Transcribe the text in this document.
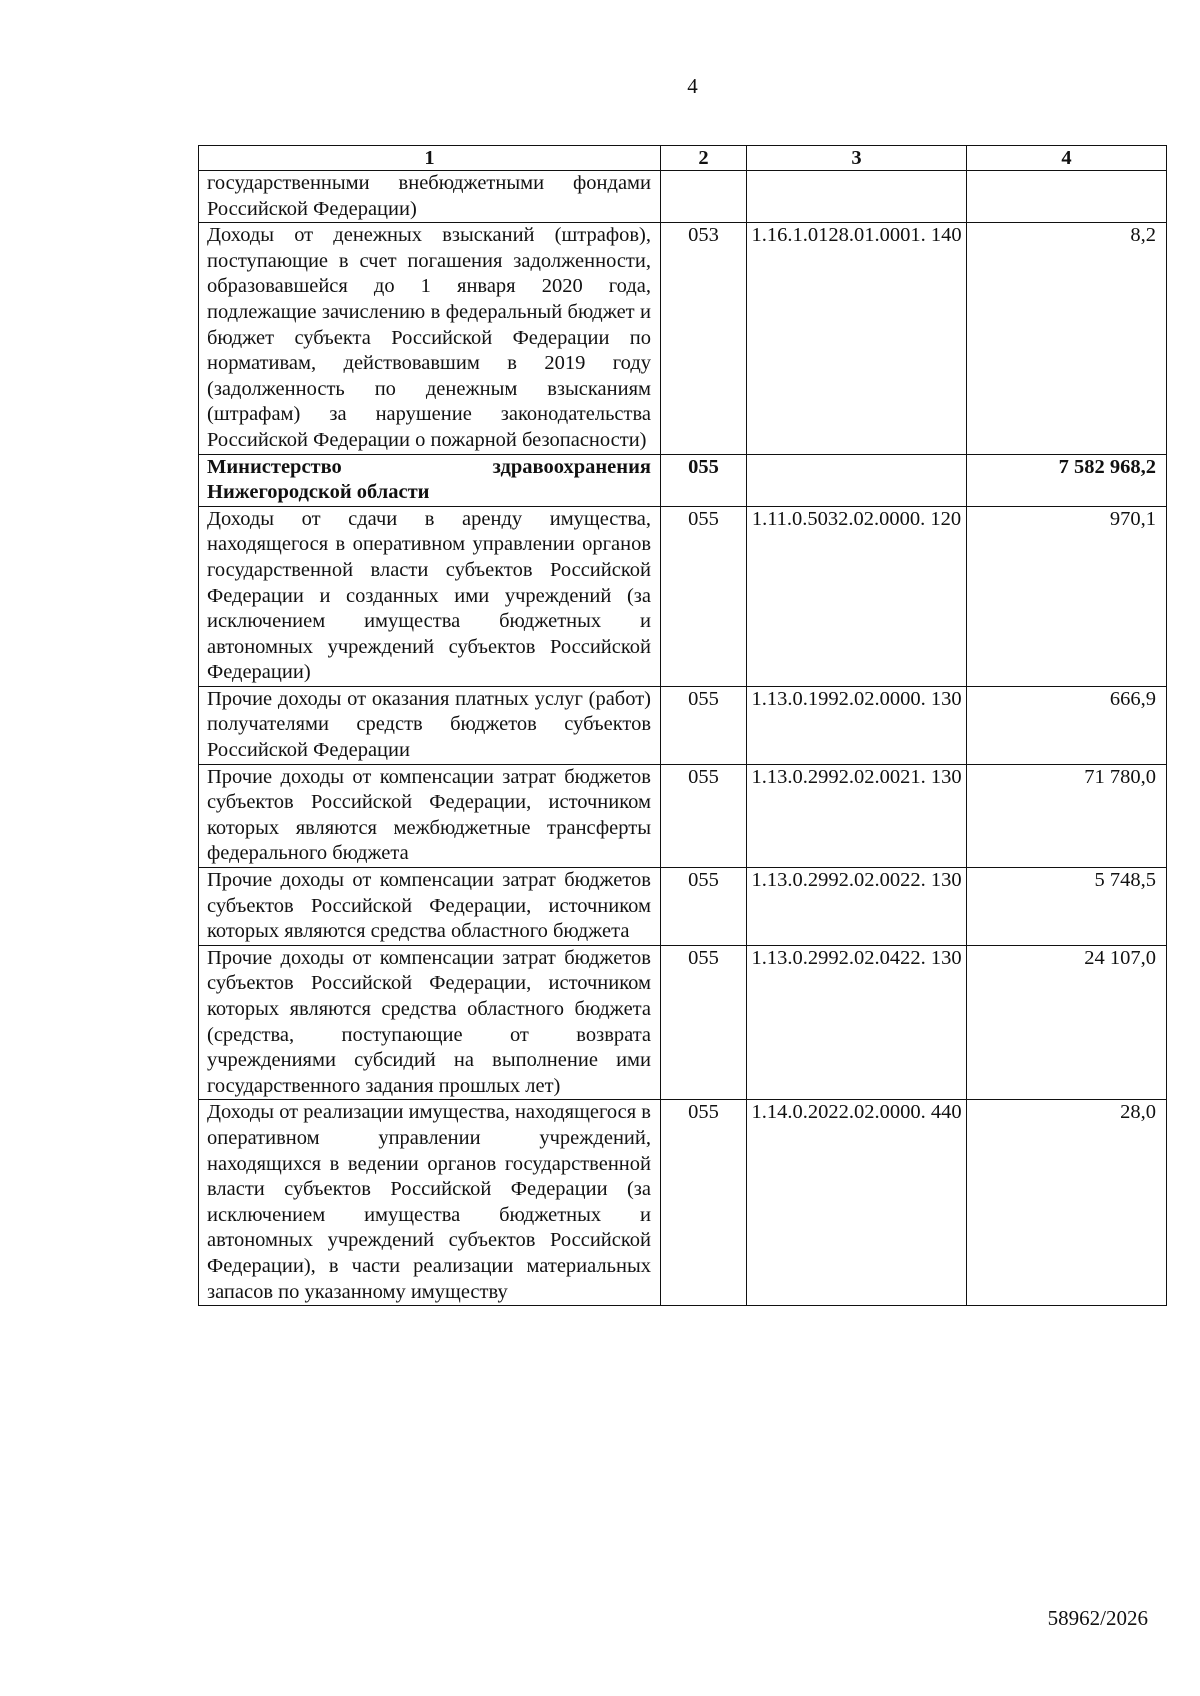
4
1	2	3	4
государственными внебюджетными фондами Российской Федерации)			
Доходы от денежных взысканий (штрафов), поступающие в счет погашения задолженности, образовавшейся до 1 января 2020 года, подлежащие зачислению в федеральный бюджет и бюджет субъекта Российской Федерации по нормативам, действовавшим в 2019 году (задолженность по денежным взысканиям (штрафам) за нарушение законодательства Российской Федерации о пожарной безопасности)	053	1.16.1.0128.01.0001. 140	8,2
Министерство здравоохранения Нижегородской области	055		7 582 968,2
Доходы от сдачи в аренду имущества, находящегося в оперативном управлении органов государственной власти субъектов Российской Федерации и созданных ими учреждений (за исключением имущества бюджетных и автономных учреждений субъектов Российской Федерации)	055	1.11.0.5032.02.0000. 120	970,1
Прочие доходы от оказания платных услуг (работ) получателями средств бюджетов субъектов Российской Федерации	055	1.13.0.1992.02.0000. 130	666,9
Прочие доходы от компенсации затрат бюджетов субъектов Российской Федерации, источником которых являются межбюджетные трансферты федерального бюджета	055	1.13.0.2992.02.0021. 130	71 780,0
Прочие доходы от компенсации затрат бюджетов субъектов Российской Федерации, источником которых являются средства областного бюджета	055	1.13.0.2992.02.0022. 130	5 748,5
Прочие доходы от компенсации затрат бюджетов субъектов Российской Федерации, источником которых являются средства областного бюджета (средства, поступающие от возврата учреждениями субсидий на выполнение ими государственного задания прошлых лет)	055	1.13.0.2992.02.0422. 130	24 107,0
Доходы от реализации имущества, находящегося в оперативном управлении учреждений, находящихся в ведении органов государственной власти субъектов Российской Федерации (за исключением имущества бюджетных и автономных учреждений субъектов Российской Федерации), в части реализации материальных запасов по указанному имуществу	055	1.14.0.2022.02.0000. 440	28,0
58962/2026
